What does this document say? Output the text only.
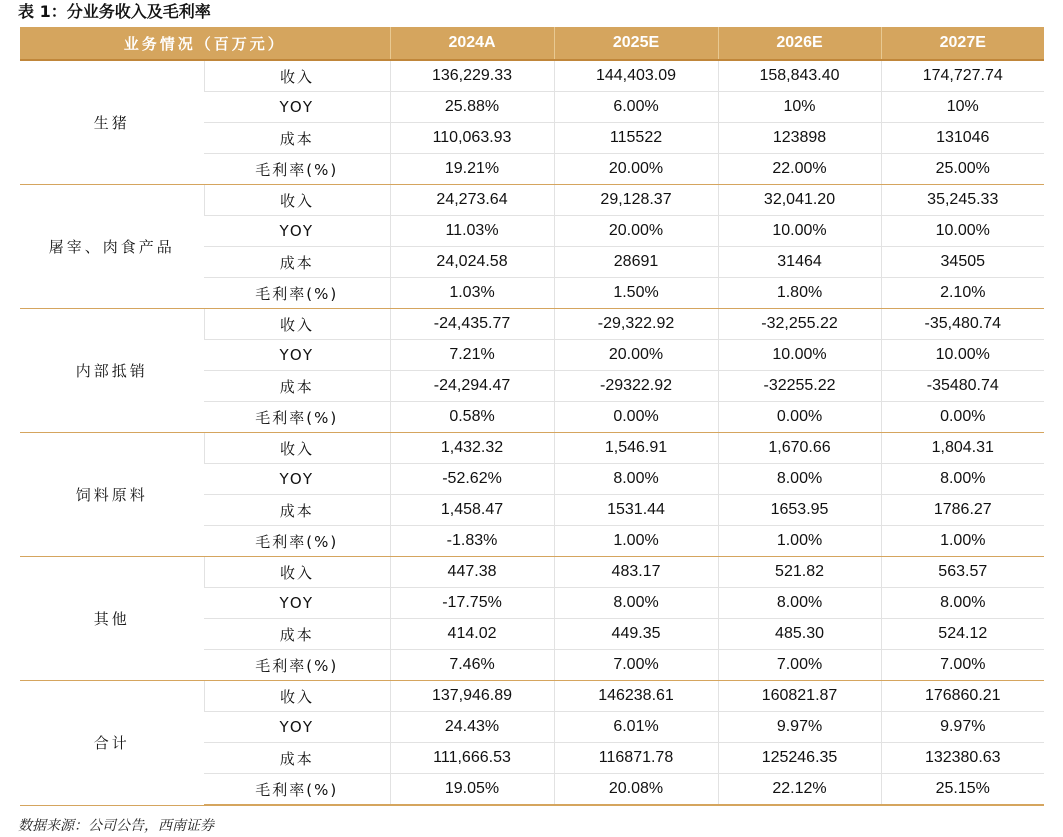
表 1：分业务收入及毛利率
业务情况（百万元）		2024A	2025E	2026E	2027E
生猪	收入	136,229.33	144,403.09	158,843.40	174,727.74
	YOY	25.88%	6.00%	10%	10%
	成本	110,063.93	115522	123898	131046
	毛利率(%)	19.21%	20.00%	22.00%	25.00%
屠宰、肉食产品	收入	24,273.64	29,128.37	32,041.20	35,245.33
	YOY	11.03%	20.00%	10.00%	10.00%
	成本	24,024.58	28691	31464	34505
	毛利率(%)	1.03%	1.50%	1.80%	2.10%
内部抵销	收入	-24,435.77	-29,322.92	-32,255.22	-35,480.74
	YOY	7.21%	20.00%	10.00%	10.00%
	成本	-24,294.47	-29322.92	-32255.22	-35480.74
	毛利率(%)	0.58%	0.00%	0.00%	0.00%
饲料原料	收入	1,432.32	1,546.91	1,670.66	1,804.31
	YOY	-52.62%	8.00%	8.00%	8.00%
	成本	1,458.47	1531.44	1653.95	1786.27
	毛利率(%)	-1.83%	1.00%	1.00%	1.00%
其他	收入	447.38	483.17	521.82	563.57
	YOY	-17.75%	8.00%	8.00%	8.00%
	成本	414.02	449.35	485.30	524.12
	毛利率(%)	7.46%	7.00%	7.00%	7.00%
合计	收入	137,946.89	146238.61	160821.87	176860.21
	YOY	24.43%	6.01%	9.97%	9.97%
	成本	111,666.53	116871.78	125246.35	132380.63
	毛利率(%)	19.05%	20.08%	22.12%	25.15%
数据来源：公司公告，西南证券
